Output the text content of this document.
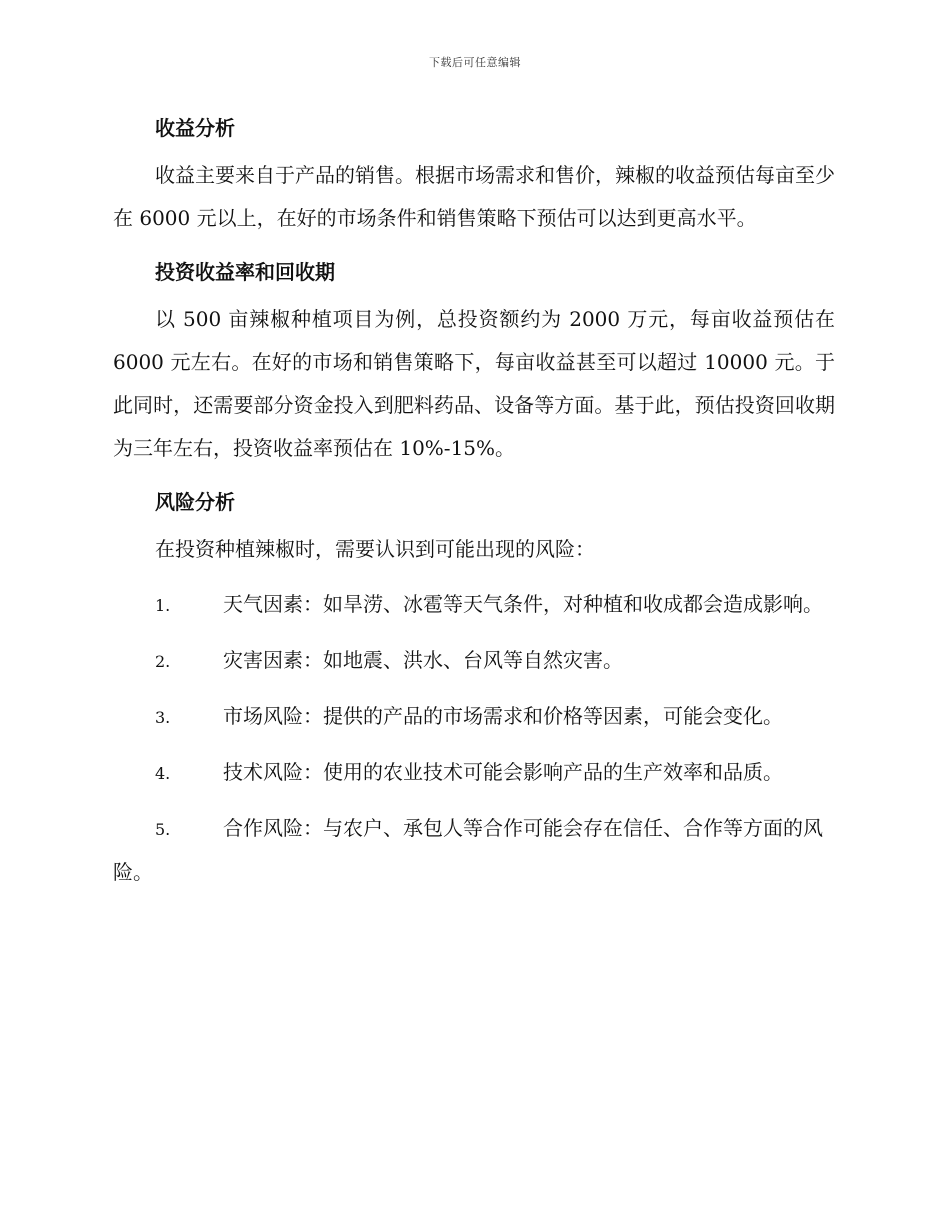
下载后可任意编辑
收益分析

收益主要来自于产品的销售。根据市场需求和售价，辣椒的收益预估每亩至少在 6000 元以上，在好的市场条件和销售策略下预估可以达到更高水平。

投资收益率和回收期

以 500 亩辣椒种植项目为例，总投资额约为 2000 万元，每亩收益预估在 6000 元左右。在好的市场和销售策略下，每亩收益甚至可以超过 10000 元。于此同时，还需要部分资金投入到肥料药品、设备等方面。基于此，预估投资回收期为三年左右，投资收益率预估在 10%-15%。

风险分析

在投资种植辣椒时，需要认识到可能出现的风险：

1.	天气因素：如旱涝、冰雹等天气条件，对种植和收成都会造成影响。
2.	灾害因素：如地震、洪水、台风等自然灾害。
3.	市场风险：提供的产品的市场需求和价格等因素，可能会变化。
4.	技术风险：使用的农业技术可能会影响产品的生产效率和品质。
5.	合作风险：与农户、承包人等合作可能会存在信任、合作等方面的风险。
